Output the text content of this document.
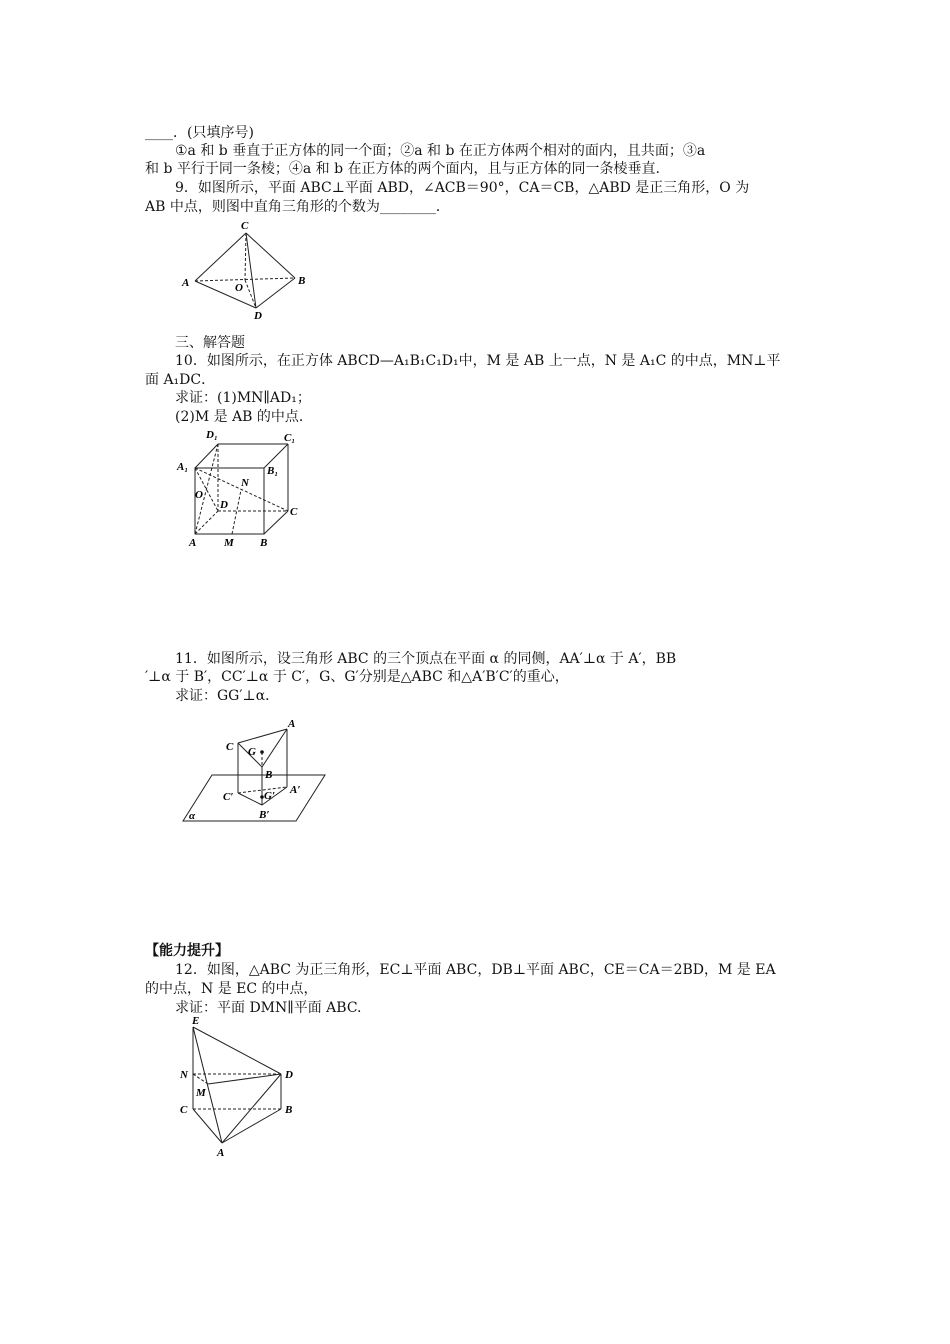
____．(只填序号)
①a 和 b 垂直于正方体的同一个面；②a 和 b 在正方体两个相对的面内，且共面；③a
和 b 平行于同一条棱；④a 和 b 在正方体的两个面内，且与正方体的同一条棱垂直.
9．如图所示，平面 ABC⊥平面 ABD，∠ACB＝90°，CA＝CB，△ABD 是正三角形，O 为
AB 中点，则图中直角三角形的个数为________．
C
A	O
B
D
三、解答题
10．如图所示，在正方体 ABCD—A₁B₁C₁D₁中，M 是 AB 上一点，N 是 A₁C 的中点，MN⊥平
面 A₁DC．
求证：(1)MN∥AD₁；
(2)M 是 AB 的中点．
D₁	C₁
A₁	B₁
N
O
D
C
A	M B
11．如图所示，设三角形 ABC 的三个顶点在平面 α 的同侧，AA′⊥α 于 A′，BB
′⊥α 于 B′，CC′⊥α 于 C′，G、G′分别是△ABC 和△A′B′C′的重心，
求证：GG′⊥α．
A
C G
B
C′	G′ A′
B′
α
【能力提升】
12．如图，△ABC 为正三角形，EC⊥平面 ABC，DB⊥平面 ABC，CE＝CA＝2BD，M 是 EA
的中点，N 是 EC 的中点，
求证：平面 DMN∥平面 ABC.
E
N	D
M
C	B
A
